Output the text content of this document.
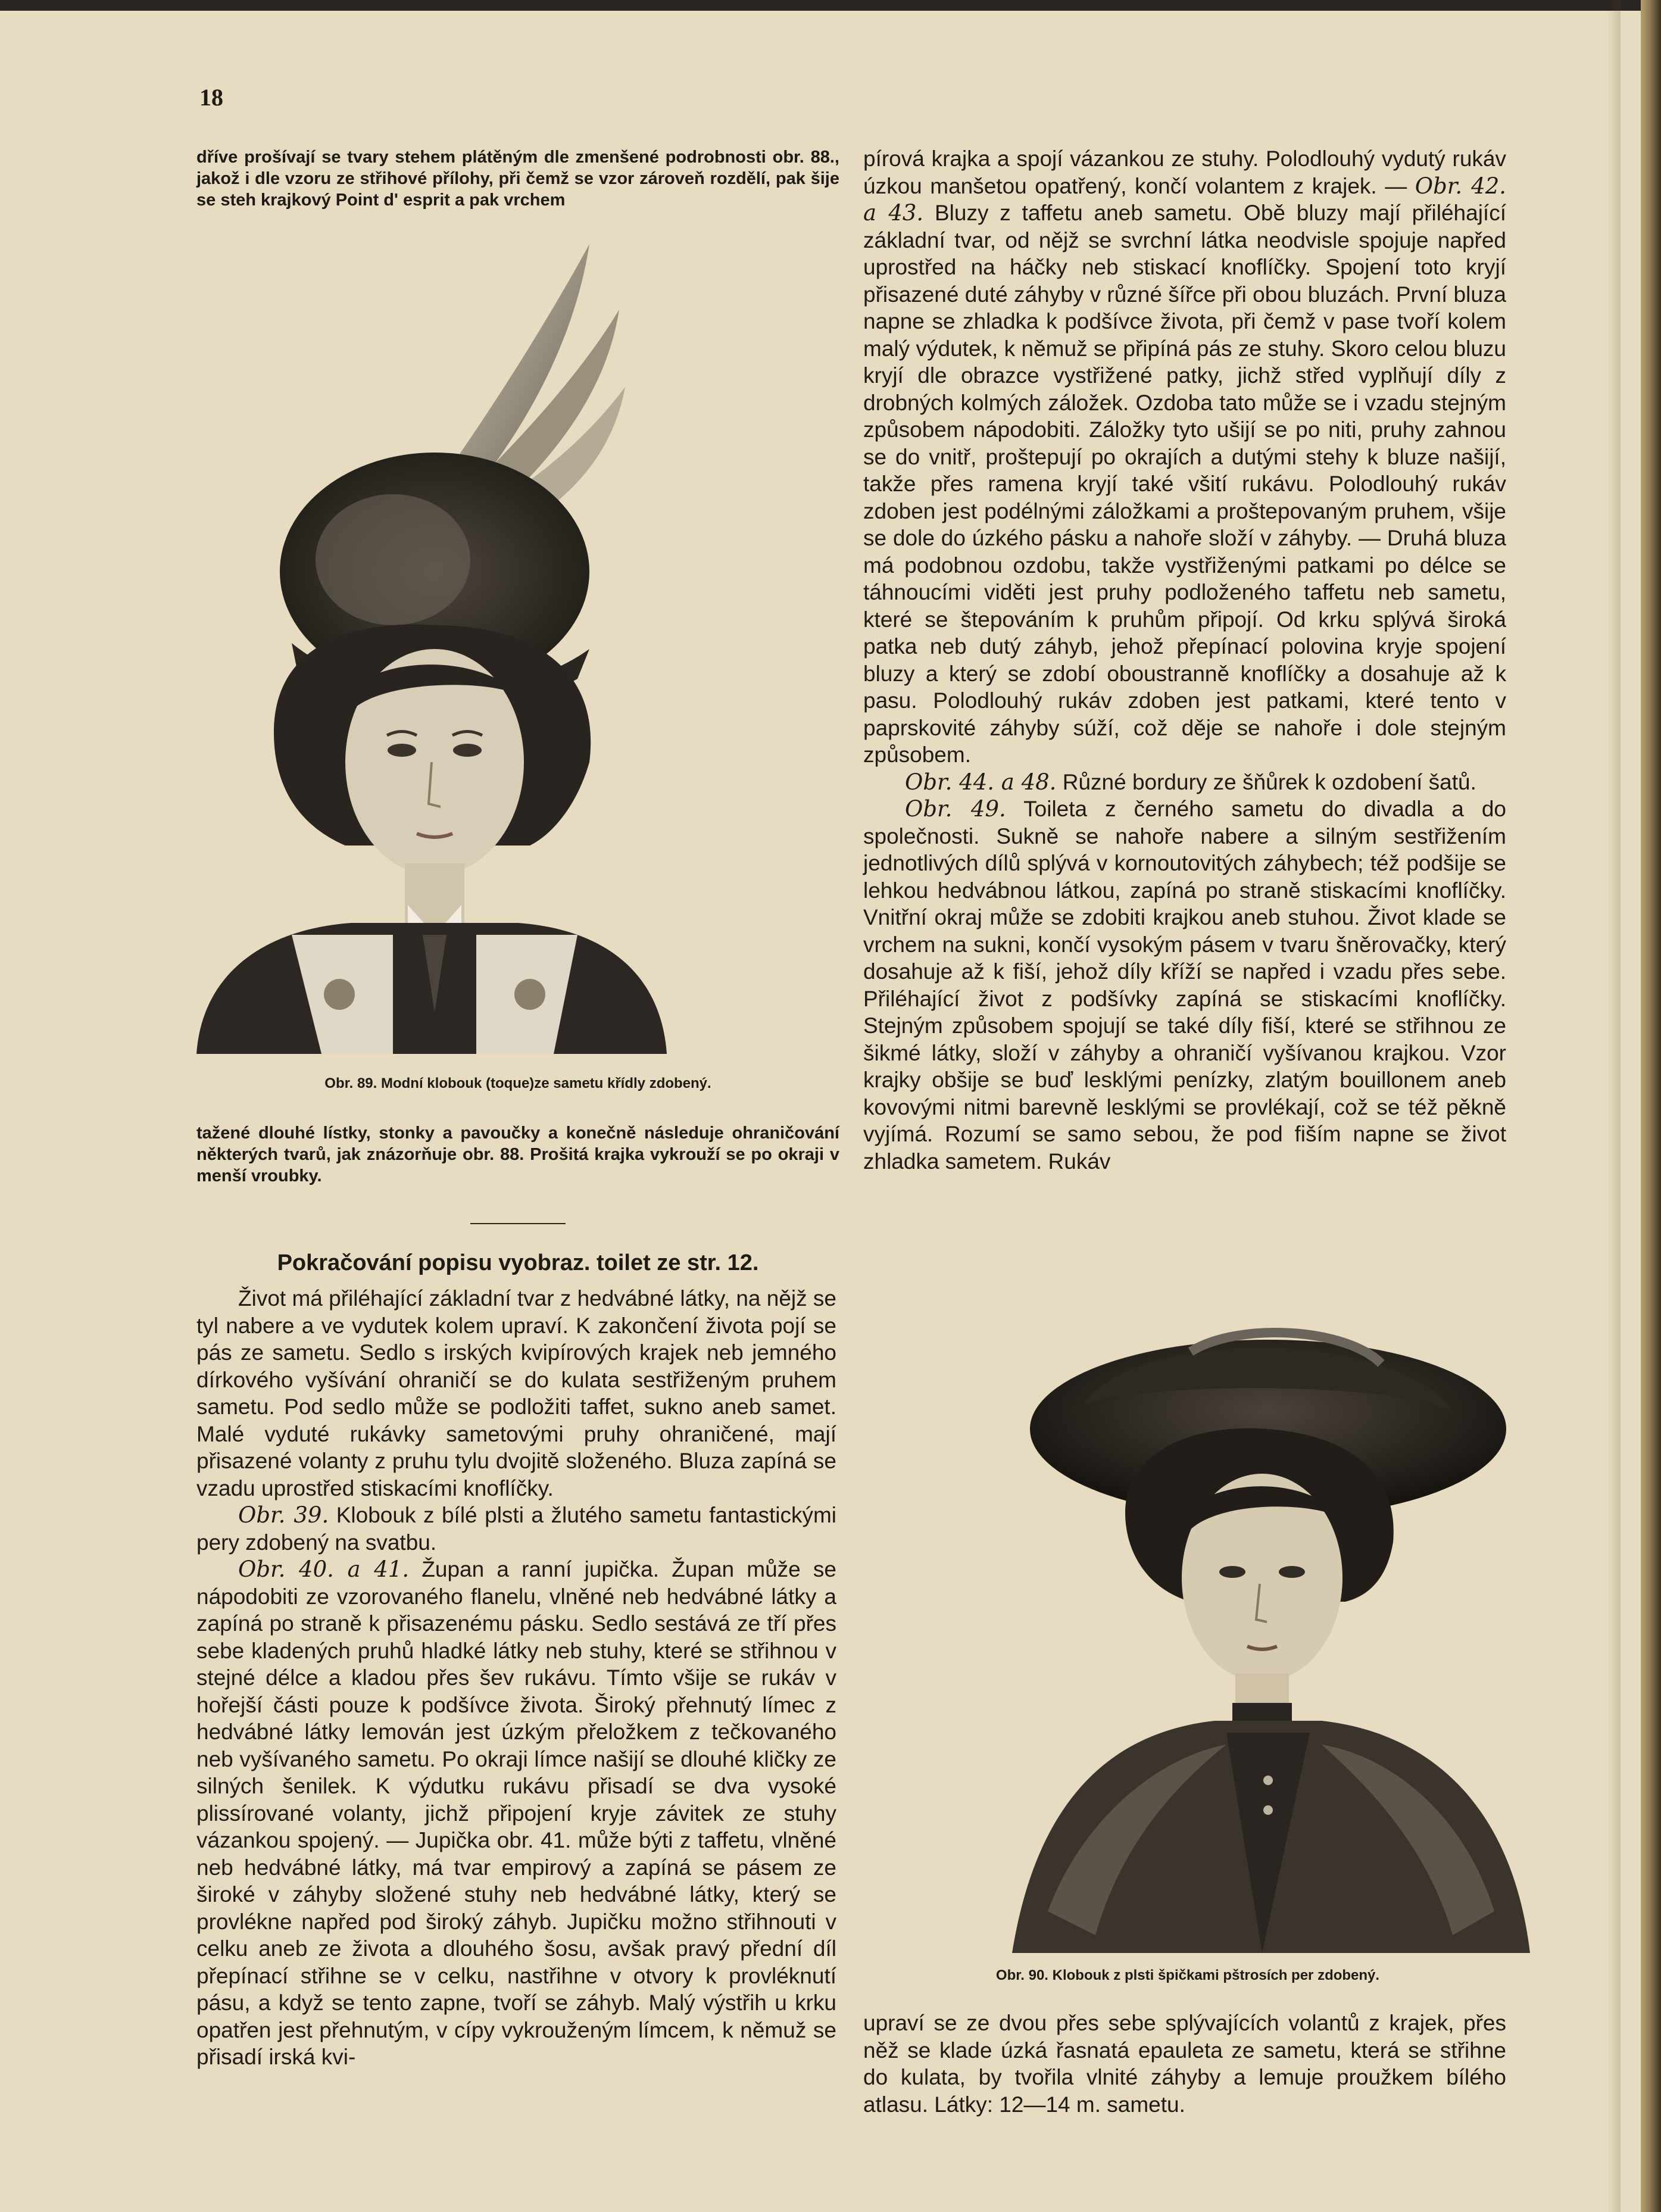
18

dříve prošívají se tvary stehem plátěným dle zmenšené podrobnosti obr. 88., jakož i dle vzoru ze střihové přílohy, při čemž se vzor zároveň rozdělí, pak šije se steh krajkový Point d' esprit a pak vrchem

Obr. 89. Modní klobouk (toque)ze sametu křídly zdobený.

tažené dlouhé lístky, stonky a pavoučky a konečně následuje ohraničování některých tvarů, jak znázorňuje obr. 88. Prošitá krajka vykrouží se po okraji v menší vroubky.

Pokračování popisu vyobraz. toilet ze str. 12.

Život má přiléhající základní tvar z hedvábné látky, na nějž se tyl nabere a ve vydutek kolem upraví. K zakončení života pojí se pás ze sametu. Sedlo s irských kvipírových krajek neb jemného dírkového vyšívání ohraničí se do kulata sestřiženým pruhem sametu. Pod sedlo může se podložiti taffet, sukno aneb samet. Malé vyduté rukávky sametovými pruhy ohraničené, mají přisazené volanty z pruhu tylu dvojitě složeného. Bluza zapíná se vzadu uprostřed stiskacími knoflíčky.

Obr. 39. Klobouk z bílé plsti a žlutého sametu fantastickými pery zdobený na svatbu.

Obr. 40. a 41. Župan a ranní jupička. Župan může se nápodobiti ze vzorovaného flanelu, vlněné neb hedvábné látky a zapíná po straně k přisazenému pásku. Sedlo sestává ze tří přes sebe kladených pruhů hladké látky neb stuhy, které se střihnou v stejné délce a kladou přes šev rukávu. Tímto všije se rukáv v hořejší části pouze k podšívce života. Široký přehnutý límec z hedvábné látky lemován jest úzkým přeložkem z tečkovaného neb vyšívaného sametu. Po okraji límce našijí se dlouhé kličky ze silných šenilek. K výdutku rukávu přisadí se dva vysoké plissírované volanty, jichž připojení kryje závitek ze stuhy vázankou spojený. — Jupička obr. 41. může býti z taffetu, vlněné neb hedvábné látky, má tvar empirový a zapíná se pásem ze široké v záhyby složené stuhy neb hedvábné látky, který se provlékne napřed pod široký záhyb. Jupičku možno střihnouti v celku aneb ze života a dlouhého šosu, avšak pravý přední díl přepínací střihne se v celku, nastřihne v otvory k provléknutí pásu, a když se tento zapne, tvoří se záhyb. Malý výstřih u krku opatřen jest přehnutým, v cípy vykrouženým límcem, k němuž se přisadí irská kvi-

pírová krajka a spojí vázankou ze stuhy. Polodlouhý vydutý rukáv úzkou manšetou opatřený, končí volantem z krajek. — Obr. 42. a 43. Bluzy z taffetu aneb sametu. Obě bluzy mají přiléhající základní tvar, od nějž se svrchní látka neodvisle spojuje napřed uprostřed na háčky neb stiskací knoflíčky. Spojení toto kryjí přisazené duté záhyby v různé šířce při obou bluzách. První bluza napne se zhladka k podšívce života, při čemž v pase tvoří kolem malý výdutek, k němuž se připíná pás ze stuhy. Skoro celou bluzu kryjí dle obrazce vystřižené patky, jichž střed vyplňují díly z drobných kolmých záložek. Ozdoba tato může se i vzadu stejným způsobem nápodobiti. Záložky tyto ušijí se po niti, pruhy zahnou se do vnitř, proštepují po okrajích a dutými stehy k bluze našijí, takže přes ramena kryjí také všití rukávu. Polodlouhý rukáv zdoben jest podélnými záložkami a proštepovaným pruhem, všije se dole do úzkého pásku a nahoře složí v záhyby. — Druhá bluza má podobnou ozdobu, takže vystřiženými patkami po délce se táhnoucími viděti jest pruhy podloženého taffetu neb sametu, které se štepováním k pruhům připojí. Od krku splývá široká patka neb dutý záhyb, jehož přepínací polovina kryje spojení bluzy a který se zdobí oboustranně knoflíčky a dosahuje až k pasu. Polodlouhý rukáv zdoben jest patkami, které tento v paprskovité záhyby súží, což děje se nahoře i dole stejným způsobem.

Obr. 44. a 48. Různé bordury ze šňůrek k ozdobení šatů.

Obr. 49. Toileta z černého sametu do divadla a do společnosti. Sukně se nahoře nabere a silným sestřižením jednotlivých dílů splývá v kornoutovitých záhybech; též podšije se lehkou hedvábnou látkou, zapíná po straně stiskacími knoflíčky. Vnitřní okraj může se zdobiti krajkou aneb stuhou. Život klade se vrchem na sukni, končí vysokým pásem v tvaru šněrovačky, který dosahuje až k fiší, jehož díly kříží se napřed i vzadu přes sebe. Přiléhající život z podšívky zapíná se stiskacími knoflíčky. Stejným způsobem spojují se také díly fiší, které se střihnou ze šikmé látky, složí v záhyby a ohraničí vyšívanou krajkou. Vzor krajky obšije se buď lesklými penízky, zlatým bouillonem aneb kovovými nitmi barevně lesklými se provlékají, což se též pěkně vyjímá. Rozumí se samo sebou, že pod fiším napne se život zhladka sametem. Rukáv

Obr. 90. Klobouk z plsti špičkami pštrosích per zdobený.

upraví se ze dvou přes sebe splývajících volantů z krajek, přes něž se klade úzká řasnatá epauleta ze sametu, která se střihne do kulata, by tvořila vlnité záhyby a lemuje proužkem bílého atlasu. Látky: 12—14 m. sametu.
